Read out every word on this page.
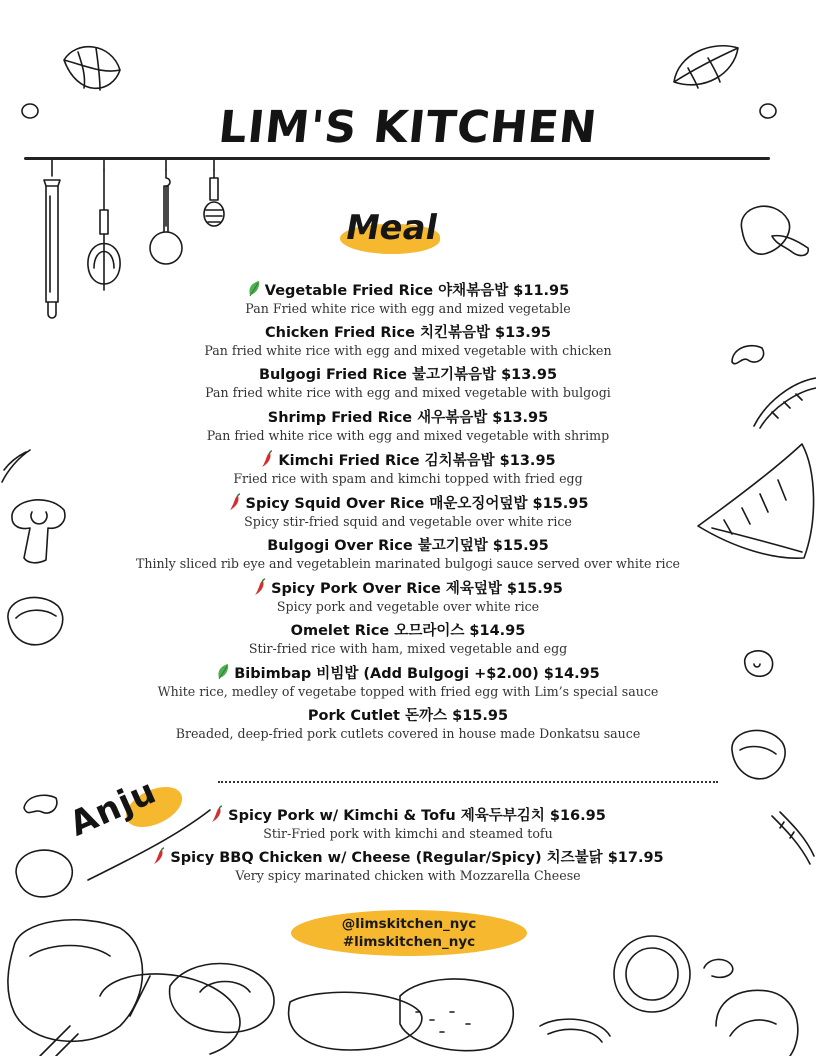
LIM'S KITCHEN
Meal
Vegetable Fried Rice 야채볶음밥 $11.95
Pan Fried white rice with egg and mized vegetable
Chicken Fried Rice 치킨볶음밥 $13.95
Pan fried white rice with egg and mixed vegetable with chicken
Bulgogi Fried Rice 불고기볶음밥 $13.95
Pan fried white rice with egg and mixed vegetable with bulgogi
Shrimp Fried Rice 새우볶음밥 $13.95
Pan fried white rice with egg and mixed vegetable with shrimp
Kimchi Fried Rice 김치볶음밥 $13.95
Fried rice with spam and kimchi topped with fried egg
Spicy Squid Over Rice 매운오징어덮밥 $15.95
Spicy stir-fried squid and vegetable over white rice
Bulgogi Over Rice 불고기덮밥 $15.95
Thinly sliced rib eye and vegetablein marinated bulgogi sauce served over white rice
Spicy Pork Over Rice 제육덮밥 $15.95
Spicy pork and vegetable over white rice
Omelet Rice 오므라이스 $14.95
Stir-fried rice with ham, mixed vegetable and egg
Bibimbap 비빔밥 (Add Bulgogi +$2.00) $14.95
White rice, medley of vegetabe topped with fried egg with Lim’s special sauce
Pork Cutlet 돈까스 $15.95
Breaded, deep-fried pork cutlets covered in house made Donkatsu sauce
Anju	Spicy Pork w/ Kimchi & Tofu 제육두부김치 $16.95
Stir-Fried pork with kimchi and steamed tofu
Spicy BBQ Chicken w/ Cheese (Regular/Spicy) 치즈불닭 $17.95
Very spicy marinated chicken with Mozzarella Cheese
@limskitchen_nyc
#limskitchen_nyc
